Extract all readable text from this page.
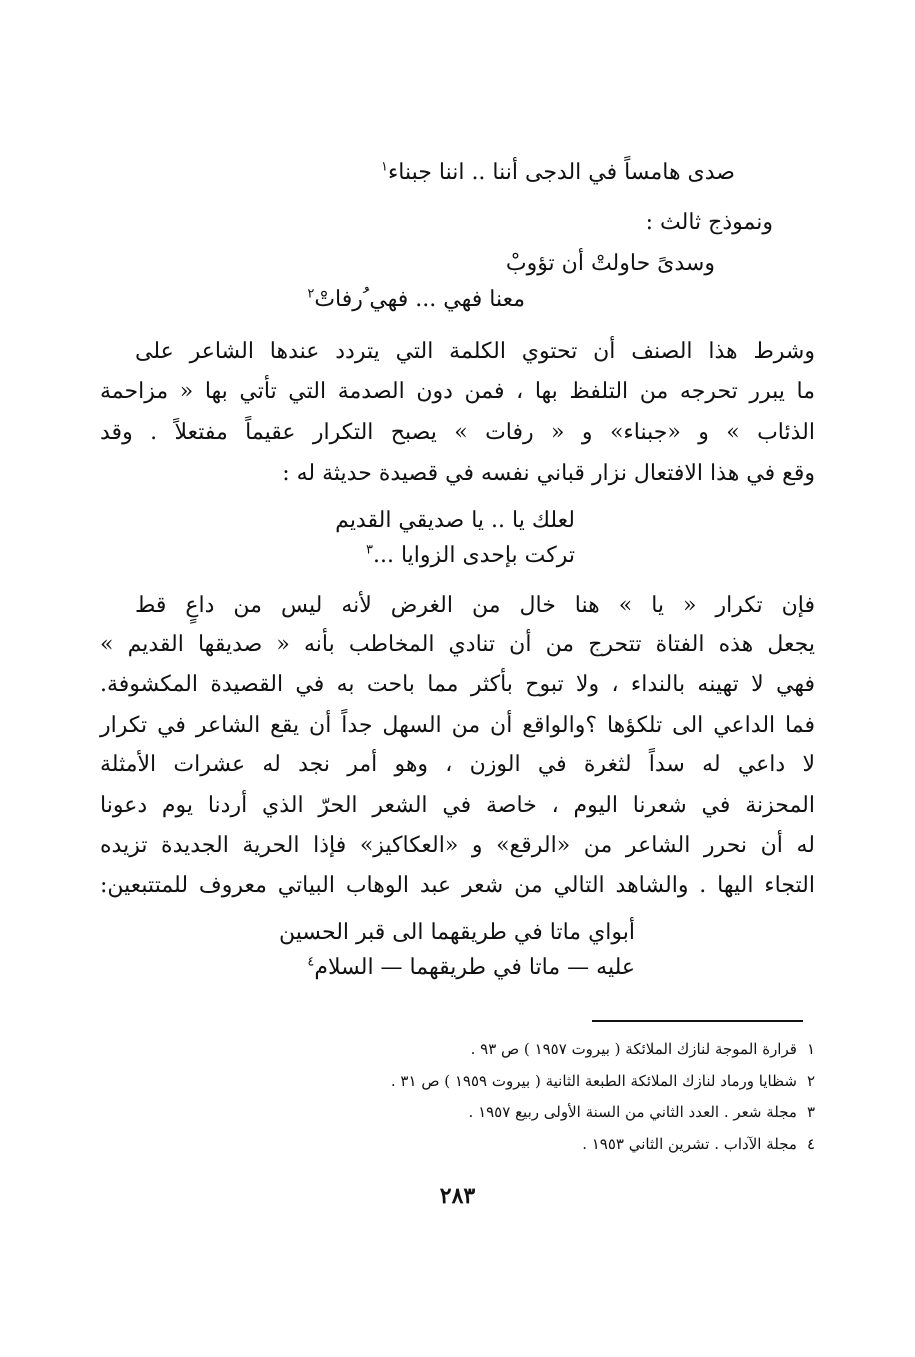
صدى هامساً في الدجى أننا .. اننا جبناء$^١$
ونموذج ثالث :
وسدىً حاولتْ أن تؤوبْ
معنا فهي ... فهي ُرفاتْ$^٢$
وشرط هذا الصنف أن تحتوي الكلمة التي يتردد عندها الشاعر على
ما يبرر تحرجه من التلفظ بها ، فمن دون الصدمة التي تأتي بها « مزاحمة
الذئاب » و «جبناء» و « رفات » يصبح التكرار عقيماً مفتعلاً . وقد
وقع في هذا الافتعال نزار قباني نفسه في قصيدة حديثة له :
لعلك يا .. يا صديقي القديم
تركت بإحدى الزوايا ...$^٣$
فإن تكرار « يا » هنا خال من الغرض لأنه ليس من داعٍ قط
يجعل هذه الفتاة تتحرج من أن تنادي المخاطب بأنه « صديقها القديم »
فهي لا تهينه بالنداء ، ولا تبوح بأكثر مما باحت به في القصيدة المكشوفة.
فما الداعي الى تلكؤها ؟والواقع أن من السهل جداً أن يقع الشاعر في تكرار
لا داعي له سداً لثغرة في الوزن ، وهو أمر نجد له عشرات الأمثلة
المحزنة في شعرنا اليوم ، خاصة في الشعر الحرّ الذي أردنا يوم دعونا
له أن نحرر الشاعر من «الرقع» و «العكاكيز» فإذا الحرية الجديدة تزيده
التجاء اليها . والشاهد التالي من شعر عبد الوهاب البياتي معروف للمتتبعين:
أبواي ماتا في طريقهما الى قبر الحسين
عليه — ماتا في طريقهما — السلام$^٤$
١قرارة الموجة لنازك الملائكة ( بيروت ١٩٥٧ ) ص ٩٣ .
٢شظايا ورماد لنازك الملائكة الطبعة الثانية ( بيروت ١٩٥٩ ) ص ٣١ .
٣مجلة شعر . العدد الثاني من السنة الأولى ربيع ١٩٥٧ .
٤مجلة الآداب . تشرين الثاني ١٩٥٣ .
٢٨٣
